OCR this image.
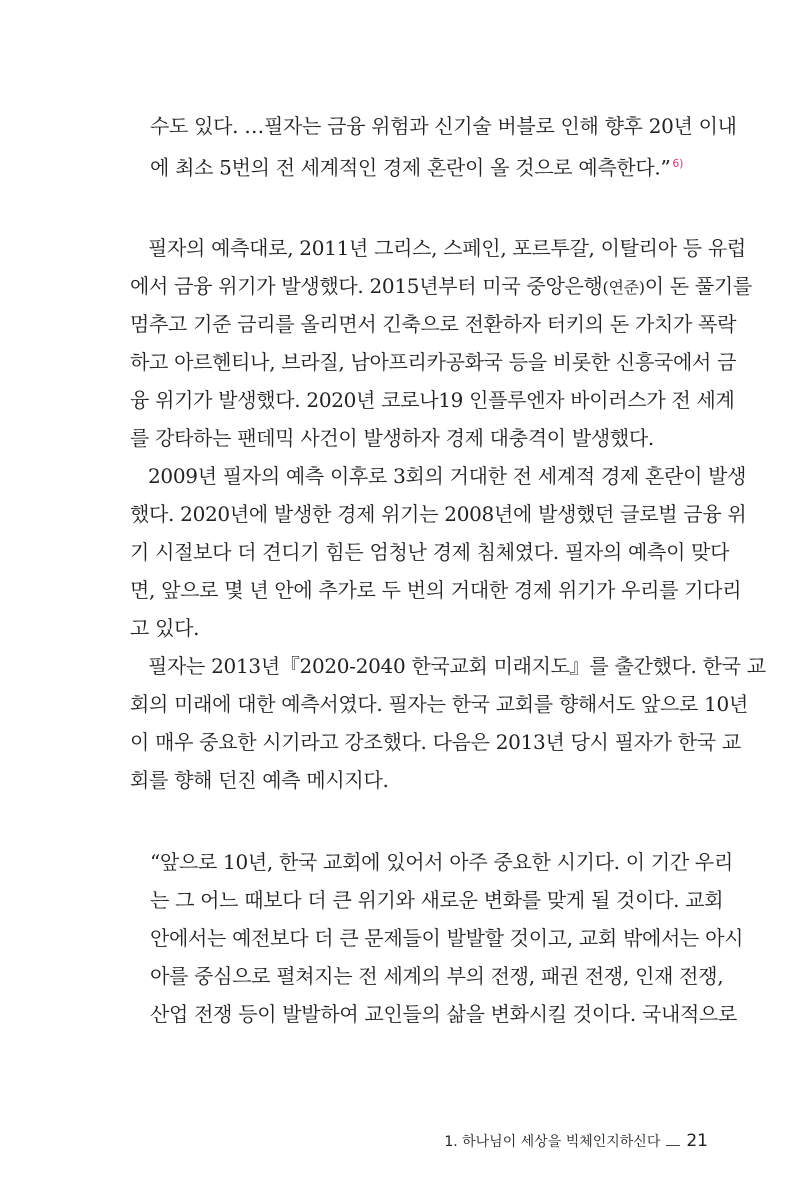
수도 있다. …필자는 금융 위험과 신기술 버블로 인해 향후 20년 이내
에 최소 5번의 전 세계적인 경제 혼란이 올 것으로 예측한다.” $^{6)}$
필자의 예측대로, 2011년 그리스, 스페인, 포르투갈, 이탈리아 등 유럽
에서 금융 위기가 발생했다. 2015년부터 미국 중앙은행(연준)이 돈 풀기를
멈추고 기준 금리를 올리면서 긴축으로 전환하자 터키의 돈 가치가 폭락
하고 아르헨티나, 브라질, 남아프리카공화국 등을 비롯한 신흥국에서 금
융 위기가 발생했다. 2020년 코로나19 인플루엔자 바이러스가 전 세계
를 강타하는 팬데믹 사건이 발생하자 경제 대충격이 발생했다.
2009년 필자의 예측 이후로 3회의 거대한 전 세계적 경제 혼란이 발생
했다. 2020년에 발생한 경제 위기는 2008년에 발생했던 글로벌 금융 위
기 시절보다 더 견디기 힘든 엄청난 경제 침체였다. 필자의 예측이 맞다
면, 앞으로 몇 년 안에 추가로 두 번의 거대한 경제 위기가 우리를 기다리
고 있다.
필자는 2013년『2020-2040 한국교회 미래지도』를 출간했다. 한국 교
회의 미래에 대한 예측서였다. 필자는 한국 교회를 향해서도 앞으로 10년
이 매우 중요한 시기라고 강조했다. 다음은 2013년 당시 필자가 한국 교
회를 향해 던진 예측 메시지다.
“앞으로 10년, 한국 교회에 있어서 아주 중요한 시기다. 이 기간 우리
는 그 어느 때보다 더 큰 위기와 새로운 변화를 맞게 될 것이다. 교회
안에서는 예전보다 더 큰 문제들이 발발할 것이고, 교회 밖에서는 아시
아를 중심으로 펼쳐지는 전 세계의 부의 전쟁, 패권 전쟁, 인재 전쟁,
산업 전쟁 등이 발발하여 교인들의 삶을 변화시킬 것이다. 국내적으로
1. 하나님이 세상을 빅체인지하신다 21
